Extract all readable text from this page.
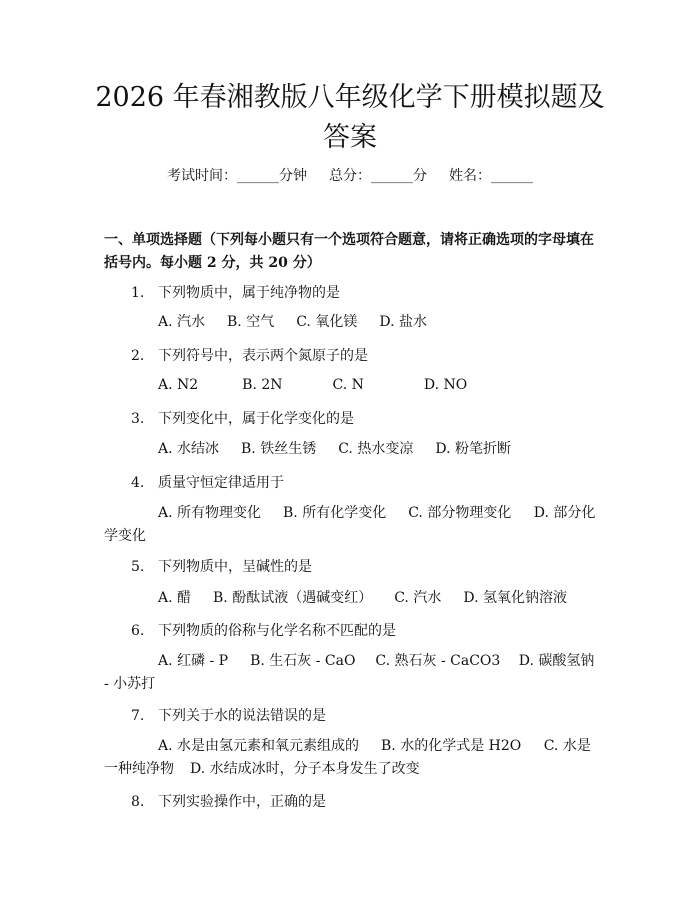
2026 年春湘教版八年级化学下册模拟题及答案
考试时间：______分钟 总分：______分 姓名：______
一、单项选择题（下列每小题只有一个选项符合题意，请将正确选项的字母填在括号内。每小题 2 分，共 20 分）
1. 下列物质中，属于纯净物的是
A. 汽水 B. 空气 C. 氧化镁 D. 盐水
2. 下列符号中，表示两个氮原子的是
A. N2	B. 2N	C. N	D. NO
3. 下列变化中，属于化学变化的是
A. 水结冰 B. 铁丝生锈 C. 热水变凉 D. 粉笔折断
4. 质量守恒定律适用于
A. 所有物理变化 B. 所有化学变化 C. 部分物理变化 D. 部分化学变化
5. 下列物质中，呈碱性的是
A. 醋 B. 酚酞试液（遇碱变红） C. 汽水 D. 氢氧化钠溶液
6. 下列物质的俗称与化学名称不匹配的是
A. 红磷 - P B. 生石灰 - CaO C. 熟石灰 - CaCO3 D. 碳酸氢钠 - 小苏打
7. 下列关于水的说法错误的是
A. 水是由氢元素和氧元素组成的 B. 水的化学式是 H2O C. 水是一种纯净物 D. 水结成冰时，分子本身发生了改变
8. 下列实验操作中，正确的是
